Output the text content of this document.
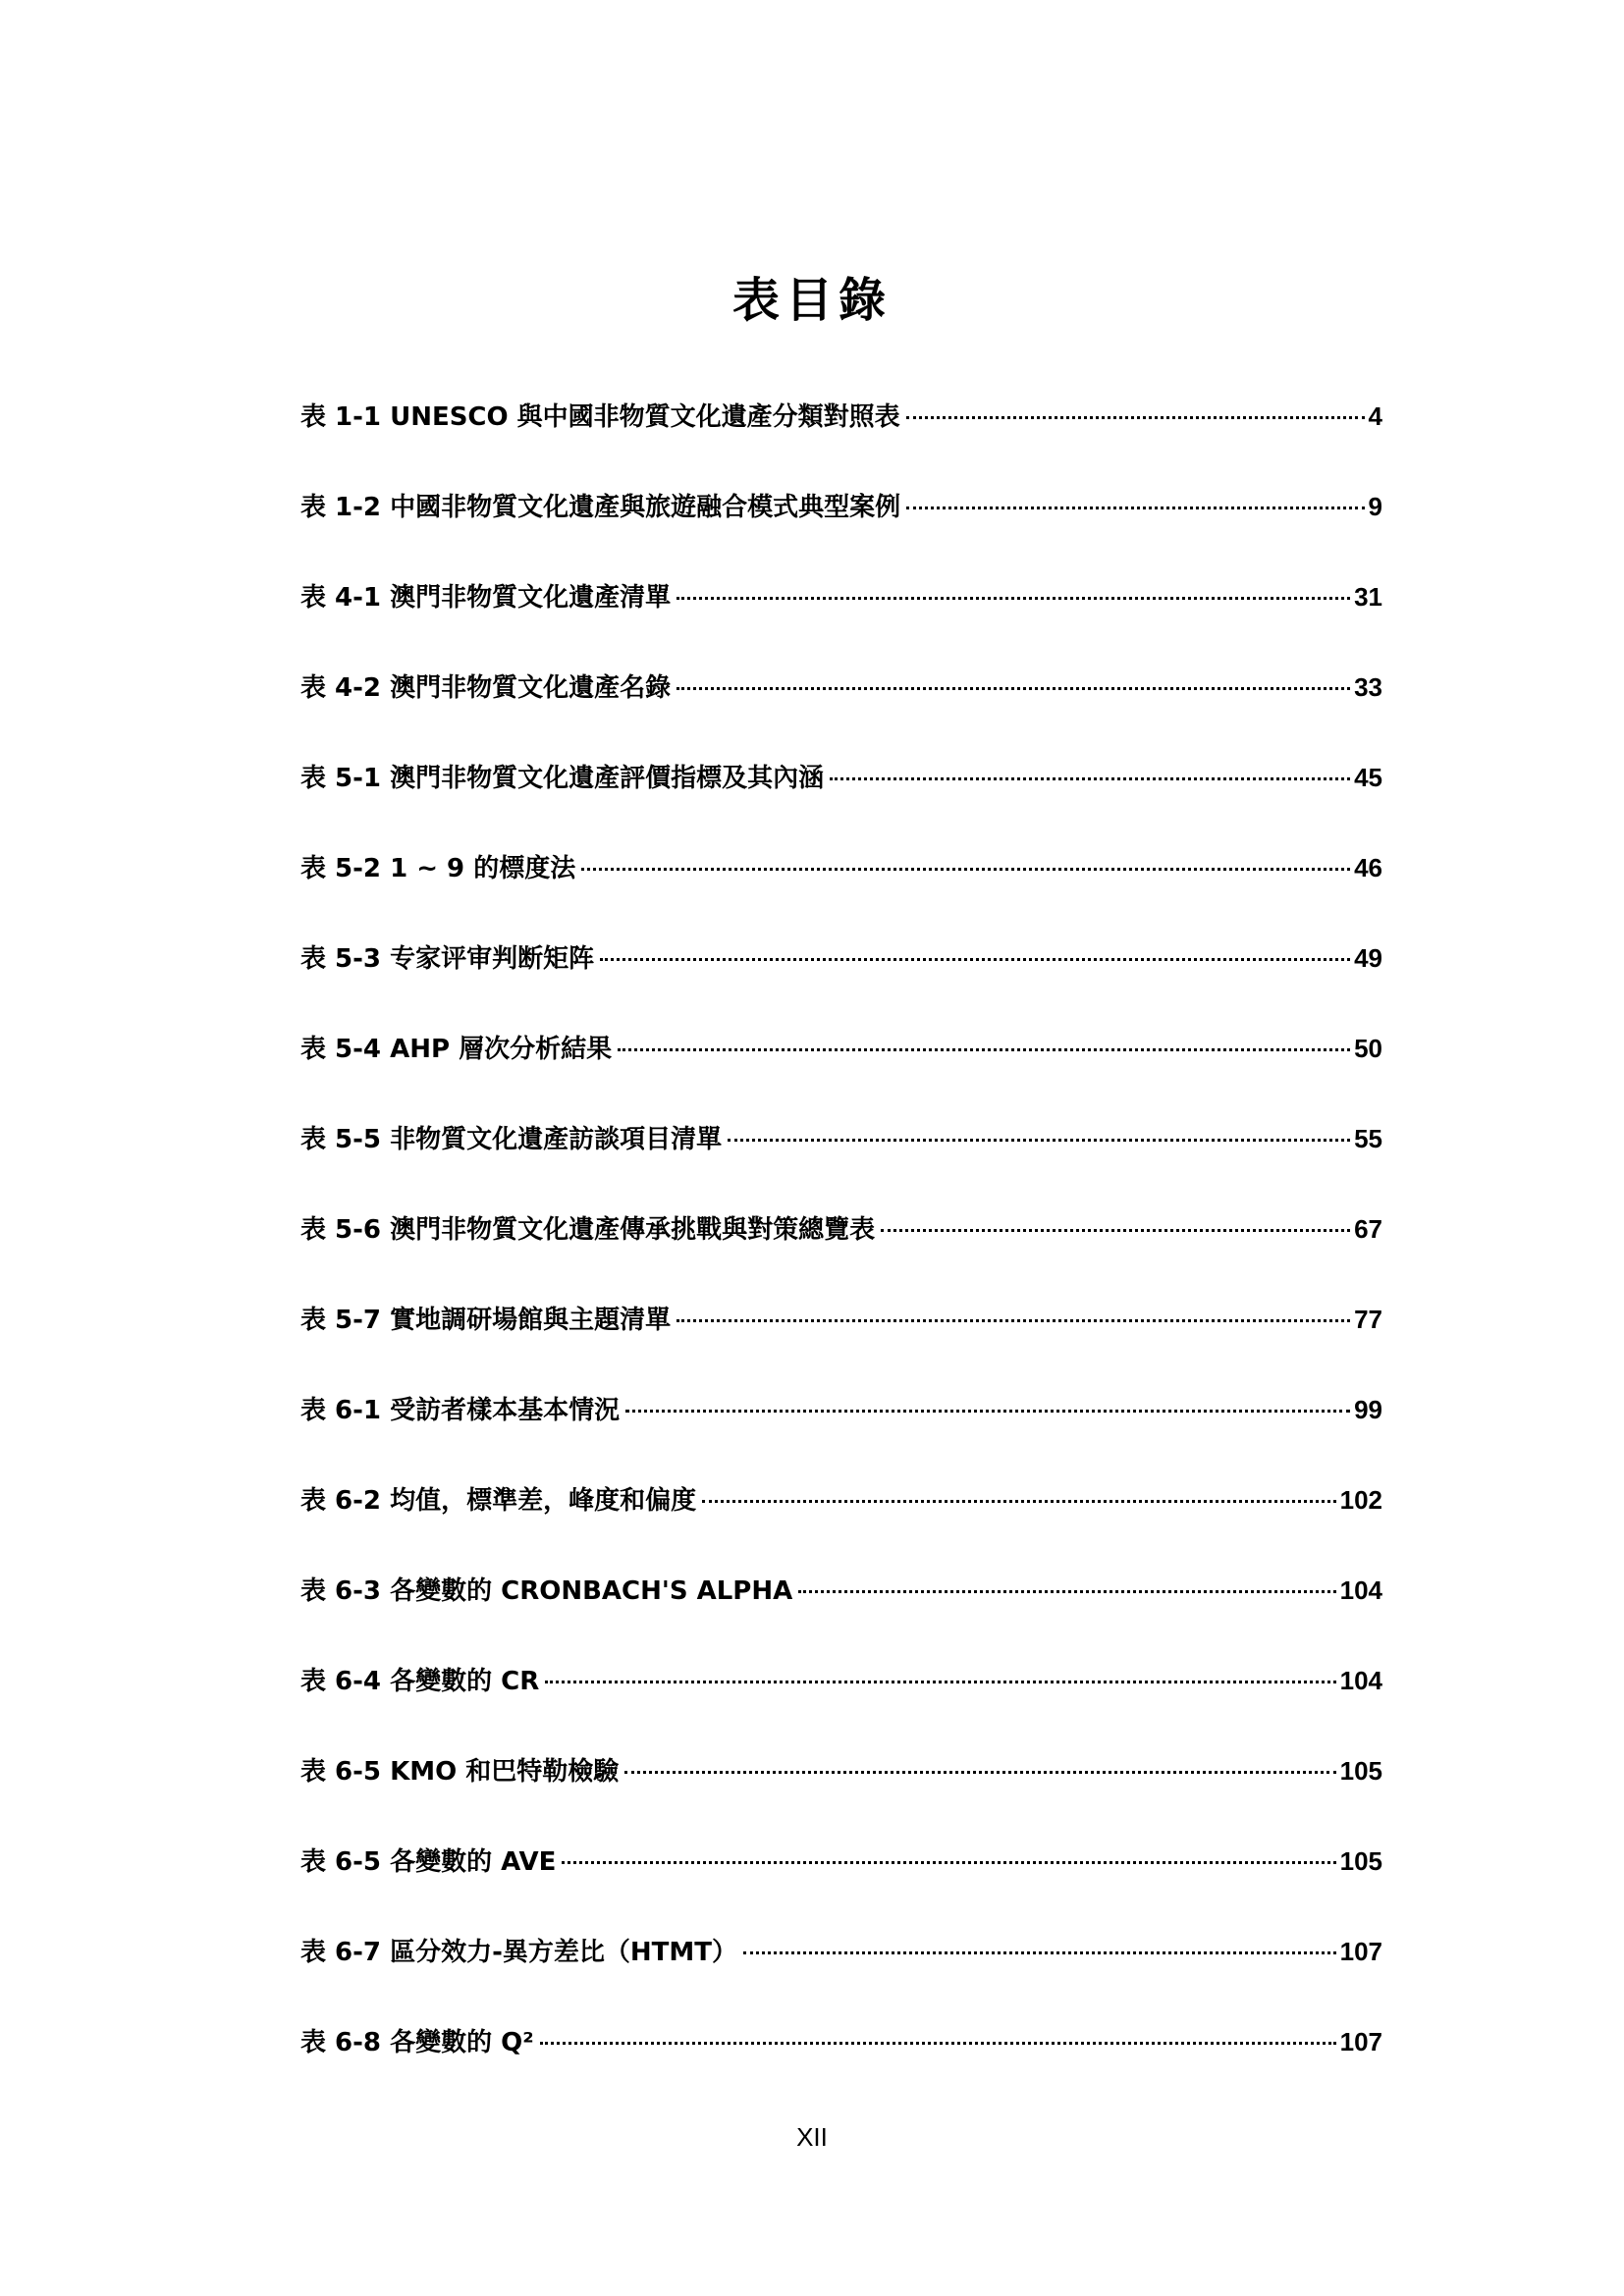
表目錄
表 1-1 UNESCO 與中國非物質文化遺產分類對照表	4
表 1-2 中國非物質文化遺產與旅遊融合模式典型案例	9
表 4-1 澳門非物質文化遺產清單	31
表 4-2 澳門非物質文化遺產名錄	33
表 5-1 澳門非物質文化遺產評價指標及其內涵	45
表 5-2 1 ~ 9 的標度法	46
表 5-3 专家评审判断矩阵	49
表 5-4 AHP 層次分析結果	50
表 5-5 非物質文化遺產訪談項目清單	55
表 5-6 澳門非物質文化遺產傳承挑戰與對策總覽表	67
表 5-7 實地調研場館與主題清單	77
表 6-1 受訪者樣本基本情況	99
表 6-2 均值，標準差，峰度和偏度	102
表 6-3 各變數的 CRONBACH'S ALPHA	104
表 6-4 各變數的 CR	104
表 6-5 KMO 和巴特勒檢驗	105
表 6-5 各變數的 AVE	105
表 6-7 區分效力-異方差比（HTMT）	107
表 6-8 各變數的 Q²	107
XII
